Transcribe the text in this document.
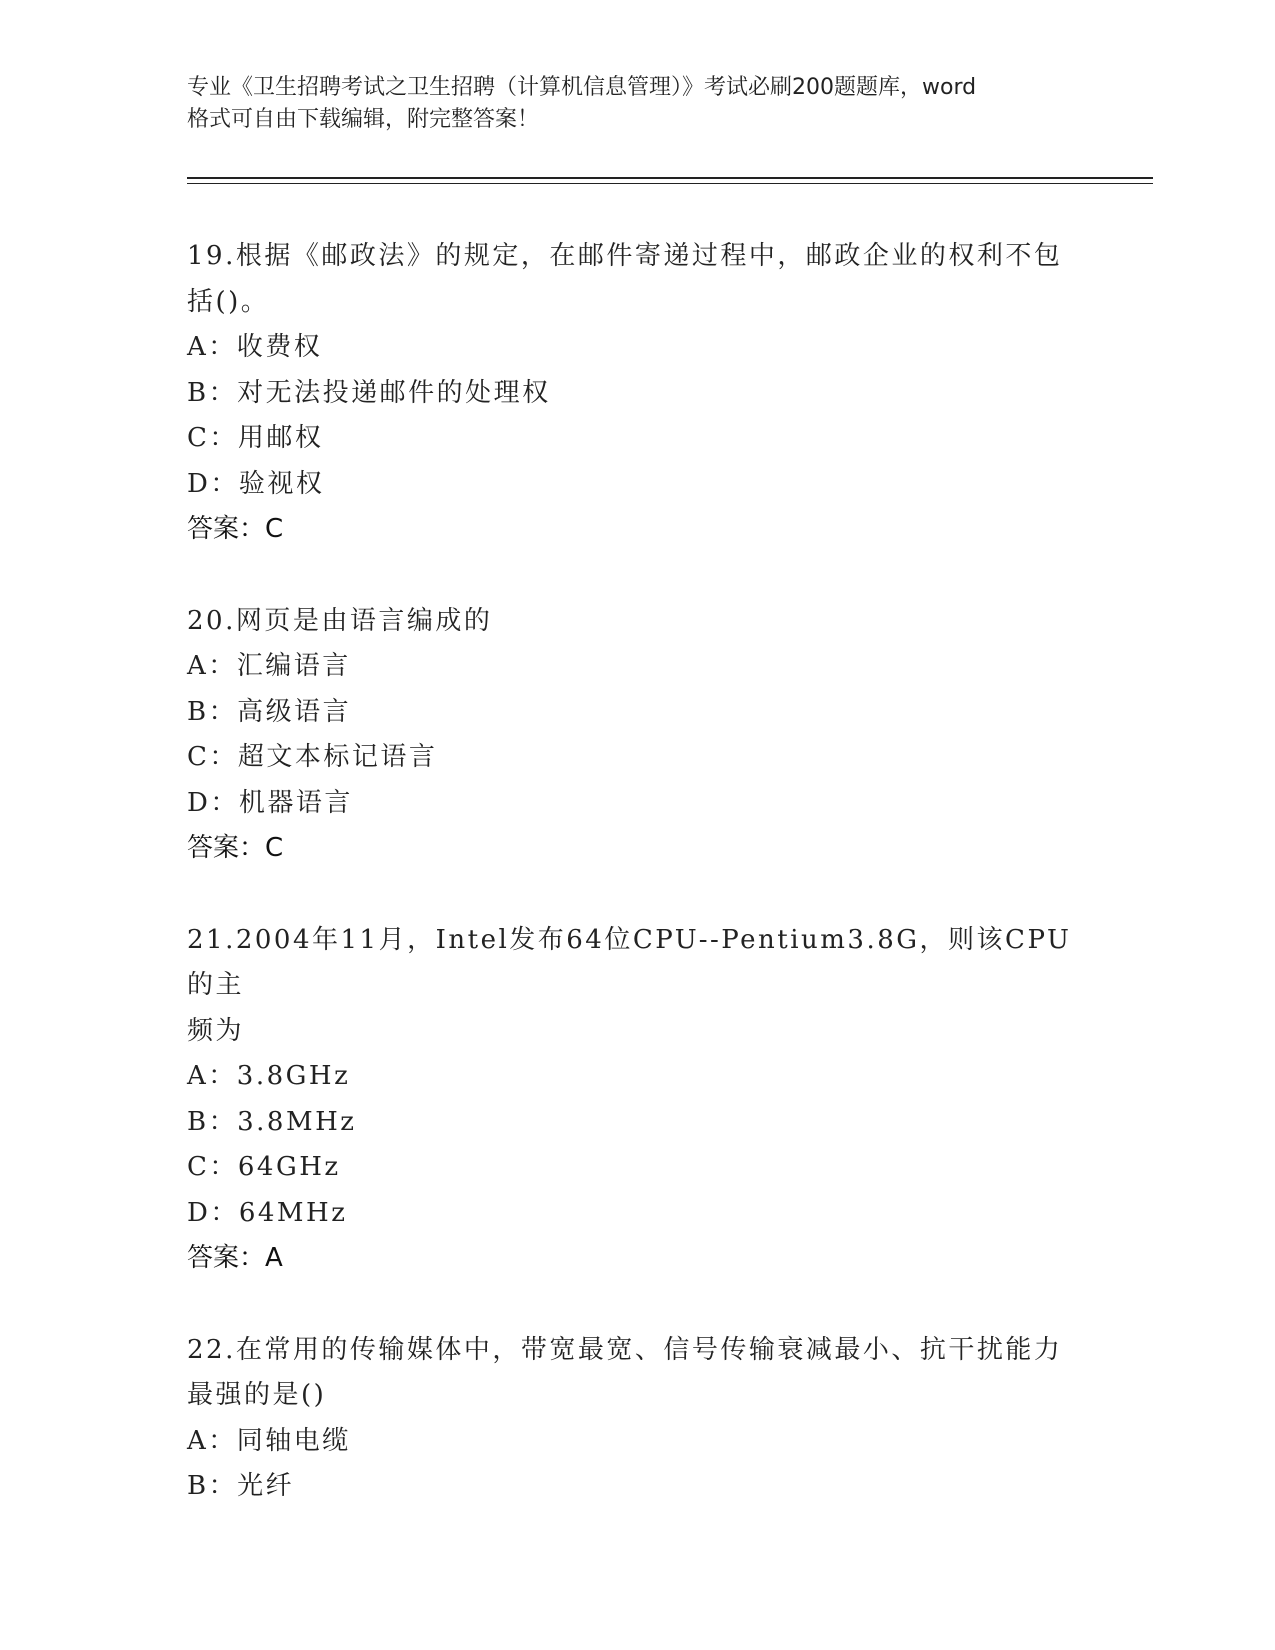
专业《卫生招聘考试之卫生招聘（计算机信息管理）》考试必刷200题题库，word
格式可自由下载编辑，附完整答案！
19.根据《邮政法》的规定，在邮件寄递过程中，邮政企业的权利不包
括()。
A：收费权
B：对无法投递邮件的处理权
C：用邮权
D：验视权
答案：C
20.网页是由语言编成的
A：汇编语言
B：高级语言
C：超文本标记语言
D：机器语言
答案：C
21.2004年11月，Intel发布64位CPU--Pentium3.8G，则该CPU的主
频为
A：3.8GHz
B：3.8MHz
C：64GHz
D：64MHz
答案：A
22.在常用的传输媒体中，带宽最宽、信号传输衰减最小、抗干扰能力
最强的是()
A：同轴电缆
B：光纤
